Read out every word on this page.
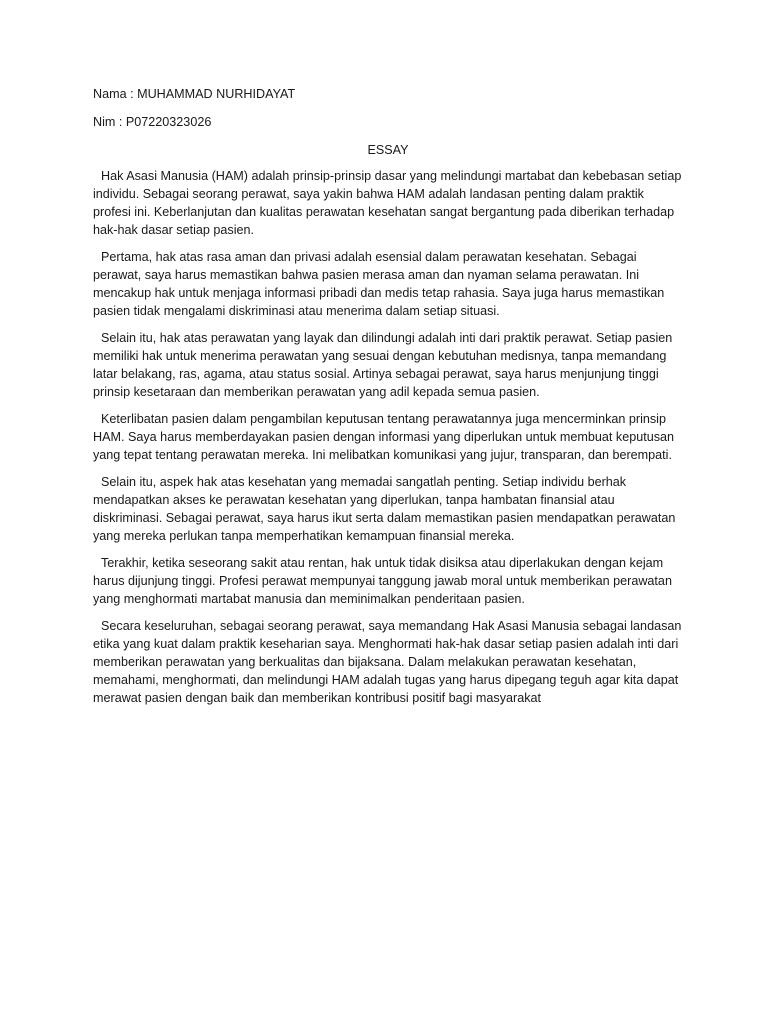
Nama : MUHAMMAD NURHIDAYAT
Nim : P07220323026
ESSAY

Hak Asasi Manusia (HAM) adalah prinsip-prinsip dasar yang melindungi martabat dan kebebasan setiap individu. Sebagai seorang perawat, saya yakin bahwa HAM adalah landasan penting dalam praktik profesi ini. Keberlanjutan dan kualitas perawatan kesehatan sangat bergantung pada diberikan terhadap hak-hak dasar setiap pasien.

Pertama, hak atas rasa aman dan privasi adalah esensial dalam perawatan kesehatan. Sebagai perawat, saya harus memastikan bahwa pasien merasa aman dan nyaman selama perawatan. Ini mencakup hak untuk menjaga informasi pribadi dan medis tetap rahasia. Saya juga harus memastikan pasien tidak mengalami diskriminasi atau menerima dalam setiap situasi.

Selain itu, hak atas perawatan yang layak dan dilindungi adalah inti dari praktik perawat. Setiap pasien memiliki hak untuk menerima perawatan yang sesuai dengan kebutuhan medisnya, tanpa memandang latar belakang, ras, agama, atau status sosial. Artinya sebagai perawat, saya harus menjunjung tinggi prinsip kesetaraan dan memberikan perawatan yang adil kepada semua pasien.

Keterlibatan pasien dalam pengambilan keputusan tentang perawatannya juga mencerminkan prinsip HAM. Saya harus memberdayakan pasien dengan informasi yang diperlukan untuk membuat keputusan yang tepat tentang perawatan mereka. Ini melibatkan komunikasi yang jujur, transparan, dan berempati.

Selain itu, aspek hak atas kesehatan yang memadai sangatlah penting. Setiap individu berhak mendapatkan akses ke perawatan kesehatan yang diperlukan, tanpa hambatan finansial atau diskriminasi. Sebagai perawat, saya harus ikut serta dalam memastikan pasien mendapatkan perawatan yang mereka perlukan tanpa memperhatikan kemampuan finansial mereka.

Terakhir, ketika seseorang sakit atau rentan, hak untuk tidak disiksa atau diperlakukan dengan kejam harus dijunjung tinggi. Profesi perawat mempunyai tanggung jawab moral untuk memberikan perawatan yang menghormati martabat manusia dan meminimalkan penderitaan pasien.

Secara keseluruhan, sebagai seorang perawat, saya memandang Hak Asasi Manusia sebagai landasan etika yang kuat dalam praktik keseharian saya. Menghormati hak-hak dasar setiap pasien adalah inti dari memberikan perawatan yang berkualitas dan bijaksana. Dalam melakukan perawatan kesehatan, memahami, menghormati, dan melindungi HAM adalah tugas yang harus dipegang teguh agar kita dapat merawat pasien dengan baik dan memberikan kontribusi positif bagi masyarakat
